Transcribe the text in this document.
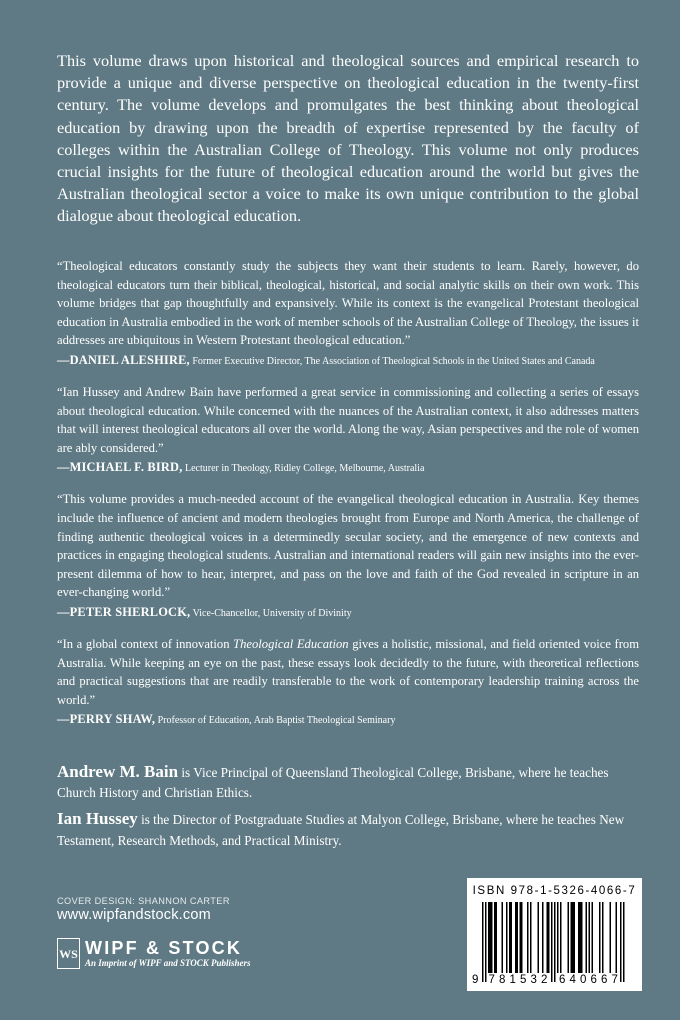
This volume draws upon historical and theological sources and empirical research to provide a unique and diverse perspective on theological education in the twenty-first century. The volume develops and promulgates the best thinking about theological education by drawing upon the breadth of expertise represented by the faculty of colleges within the Australian College of Theology. This volume not only produces crucial insights for the future of theological education around the world but gives the Australian theological sector a voice to make its own unique contribution to the global dialogue about theological education.

“Theological educators constantly study the subjects they want their students to learn. Rarely, however, do theological educators turn their biblical, theological, historical, and social analytic skills on their own work. This volume bridges that gap thoughtfully and expansively. While its context is the evangelical Protestant theological education in Australia embodied in the work of member schools of the Australian College of Theology, the issues it addresses are ubiquitous in Western Protestant theological education.”

—DANIEL ALESHIRE, Former Executive Director, The Association of Theological Schools in the United States and Canada

“Ian Hussey and Andrew Bain have performed a great service in commissioning and collecting a series of essays about theological education. While concerned with the nuances of the Australian context, it also addresses matters that will interest theological educators all over the world. Along the way, Asian perspectives and the role of women are ably considered.”

—MICHAEL F. BIRD, Lecturer in Theology, Ridley College, Melbourne, Australia

“This volume provides a much-needed account of the evangelical theological education in Australia. Key themes include the influence of ancient and modern theologies brought from Europe and North America, the challenge of finding authentic theological voices in a determinedly secular society, and the emergence of new contexts and practices in engaging theological students. Australian and international readers will gain new insights into the ever-present dilemma of how to hear, interpret, and pass on the love and faith of the God revealed in scripture in an ever-changing world.”

—PETER SHERLOCK, Vice-Chancellor, University of Divinity

“In a global context of innovation Theological Education gives a holistic, missional, and field oriented voice from Australia. While keeping an eye on the past, these essays look decidedly to the future, with theoretical reflections and practical suggestions that are readily transferable to the work of contemporary leadership training across the world.”

—PERRY SHAW, Professor of Education, Arab Baptist Theological Seminary

Andrew M. Bain is Vice Principal of Queensland Theological College, Brisbane, where he teaches Church History and Christian Ethics.

Ian Hussey is the Director of Postgraduate Studies at Malyon College, Brisbane, where he teaches New Testament, Research Methods, and Practical Ministry.

COVER DESIGN: SHANNON CARTER
www.wipfandstock.com
WS WIPF & STOCK
An Imprint of WIPF and STOCK Publishers
ISBN 978-1-5326-4066-7
9 7 8 1 5 3 2 6 4 0 6 6 7
